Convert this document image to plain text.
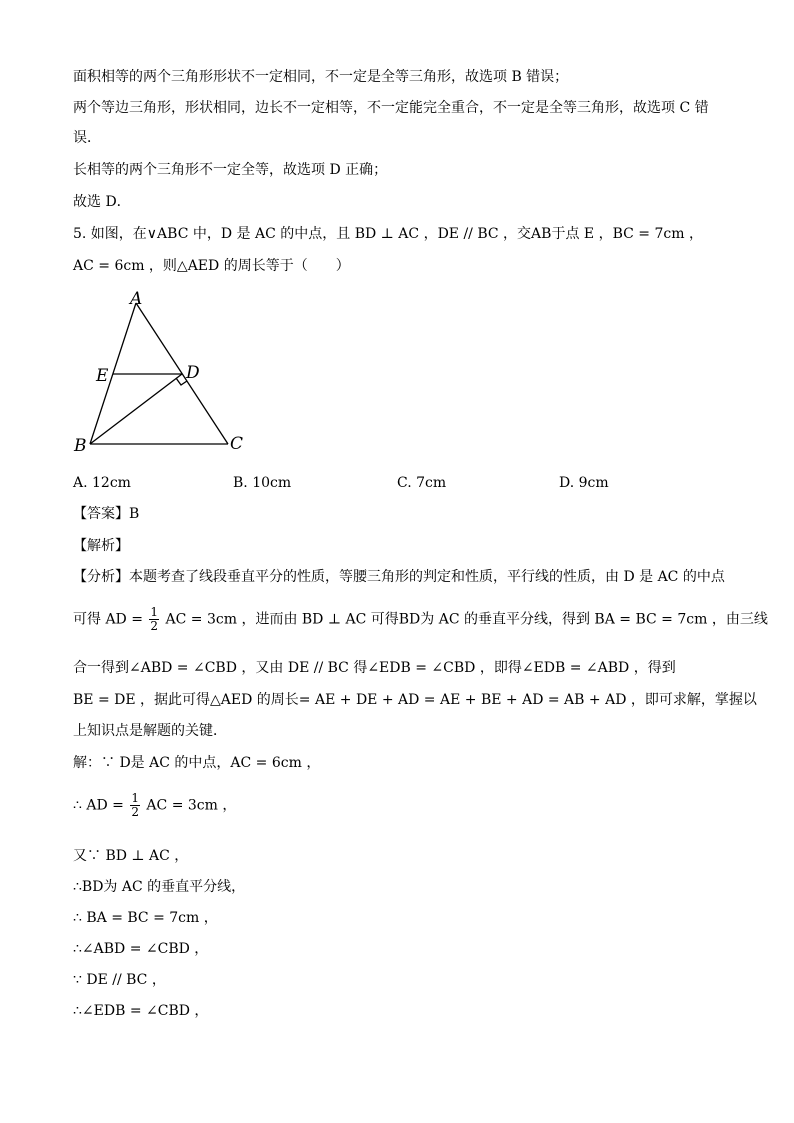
面积相等的两个三角形形状不一定相同，不一定是全等三角形，故选项 B 错误；
两个等边三角形，形状相同，边长不一定相等，不一定能完全重合，不一定是全等三角形，故选项 C 错
误．
长相等的两个三角形不一定全等，故选项 D 正确；
故选 D．
5. 如图，在∨ABC 中，D 是 AC 的中点，且 BD ⊥ AC ，DE // BC ，交AB于点 E ，BC = 7cm ，
AC = 6cm ，则△AED 的周长等于（　　）
A
E	D
B	C
A. 12cm	B. 10cm	C. 7cm	D. 9cm
【答案】B
【解析】
【分析】本题考查了线段垂直平分的性质，等腰三角形的判定和性质，平行线的性质，由 D 是 AC 的中点
可得 AD = $\frac{1}{2}$ AC = 3cm ，进而由 BD ⊥ AC 可得BD为 AC 的垂直平分线，得到 BA = BC = 7cm ，由三线
合一得到∠ABD = ∠CBD ，又由 DE // BC 得∠EDB = ∠CBD ，即得∠EDB = ∠ABD ，得到
BE = DE ，据此可得△AED 的周长= AE + DE + AD = AE + BE + AD = AB + AD ，即可求解，掌握以
上知识点是解题的关键．
解：∵ D是 AC 的中点，AC = 6cm ，
∴ AD = $\frac{1}{2}$ AC = 3cm ，
又∵ BD ⊥ AC ，
∴BD为 AC 的垂直平分线，
∴ BA = BC = 7cm ，
∴∠ABD = ∠CBD ，
∵ DE // BC ，
∴∠EDB = ∠CBD ，
